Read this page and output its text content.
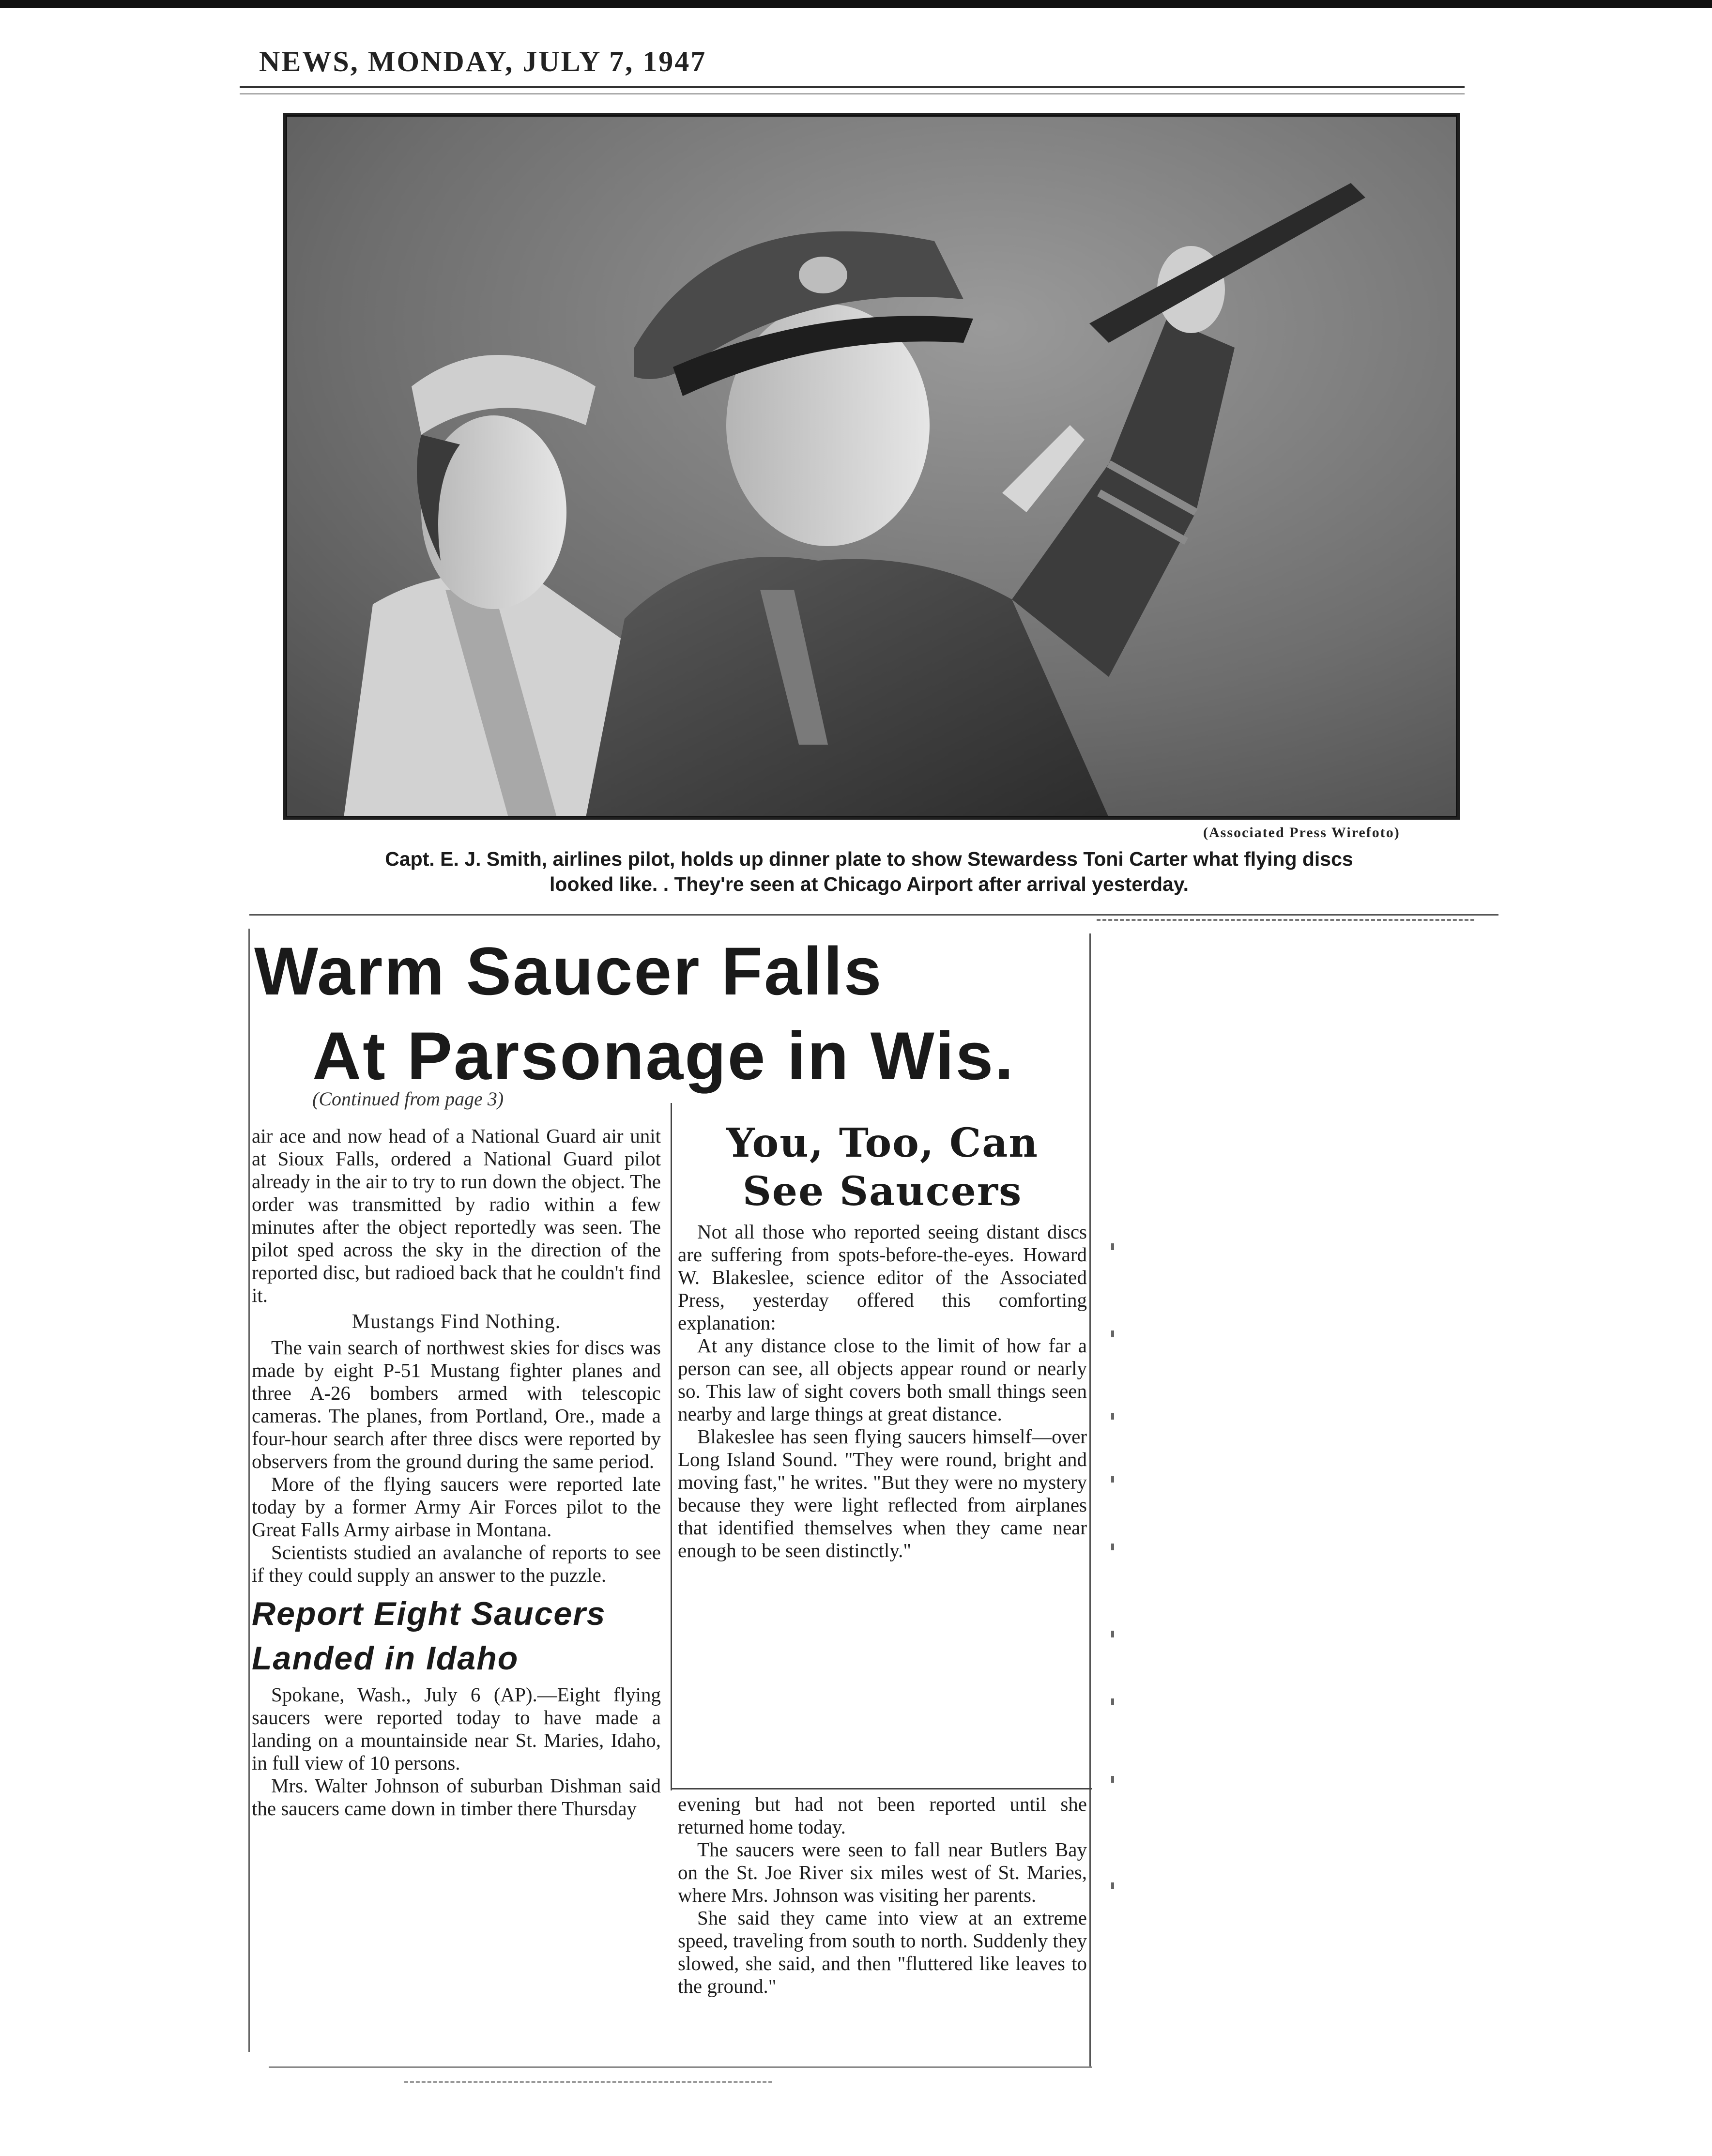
NEWS, MONDAY, JULY 7, 1947
(Associated Press Wirefoto)
Capt. E. J. Smith, airlines pilot, holds up dinner plate to show Stewardess Toni Carter what flying discs
looked like. . They're seen at Chicago Airport after arrival yesterday.
Warm Saucer Falls
At Parsonage in Wis.
(Continued from page 3)

air ace and now head of a National Guard air unit at Sioux Falls, ordered a National Guard pilot already in the air to try to run down the object. The order was transmitted by radio within a few minutes after the object reportedly was seen. The pilot sped across the sky in the direction of the reported disc, but radioed back that he couldn't find it.

Mustangs Find Nothing.

The vain search of northwest skies for discs was made by eight P-51 Mustang fighter planes and three A-26 bombers armed with telescopic cameras. The planes, from Portland, Ore., made a four-hour search after three discs were reported by observers from the ground during the same period.

More of the flying saucers were reported late today by a former Army Air Forces pilot to the Great Falls Army airbase in Montana.

Scientists studied an avalanche of reports to see if they could supply an answer to the puzzle.

Report Eight Saucers
Landed in Idaho

Spokane, Wash., July 6 (AP).—Eight flying saucers were reported today to have made a landing on a mountainside near St. Maries, Idaho, in full view of 10 persons.

Mrs. Walter Johnson of suburban Dishman said the saucers came down in timber there Thursday

You, Too, Can
See Saucers

Not all those who reported seeing distant discs are suffering from spots-before-the-eyes. Howard W. Blakeslee, science editor of the Associated Press, yesterday offered this comforting explanation:

At any distance close to the limit of how far a person can see, all objects appear round or nearly so. This law of sight covers both small things seen nearby and large things at great distance.

Blakeslee has seen flying saucers himself—over Long Island Sound. "They were round, bright and moving fast," he writes. "But they were no mystery because they were light reflected from airplanes that identified themselves when they came near enough to be seen distinctly."

evening but had not been reported until she returned home today.

The saucers were seen to fall near Butlers Bay on the St. Joe River six miles west of St. Maries, where Mrs. Johnson was visiting her parents.

She said they came into view at an extreme speed, traveling from south to north. Suddenly they slowed, she said, and then "fluttered like leaves to the ground."
